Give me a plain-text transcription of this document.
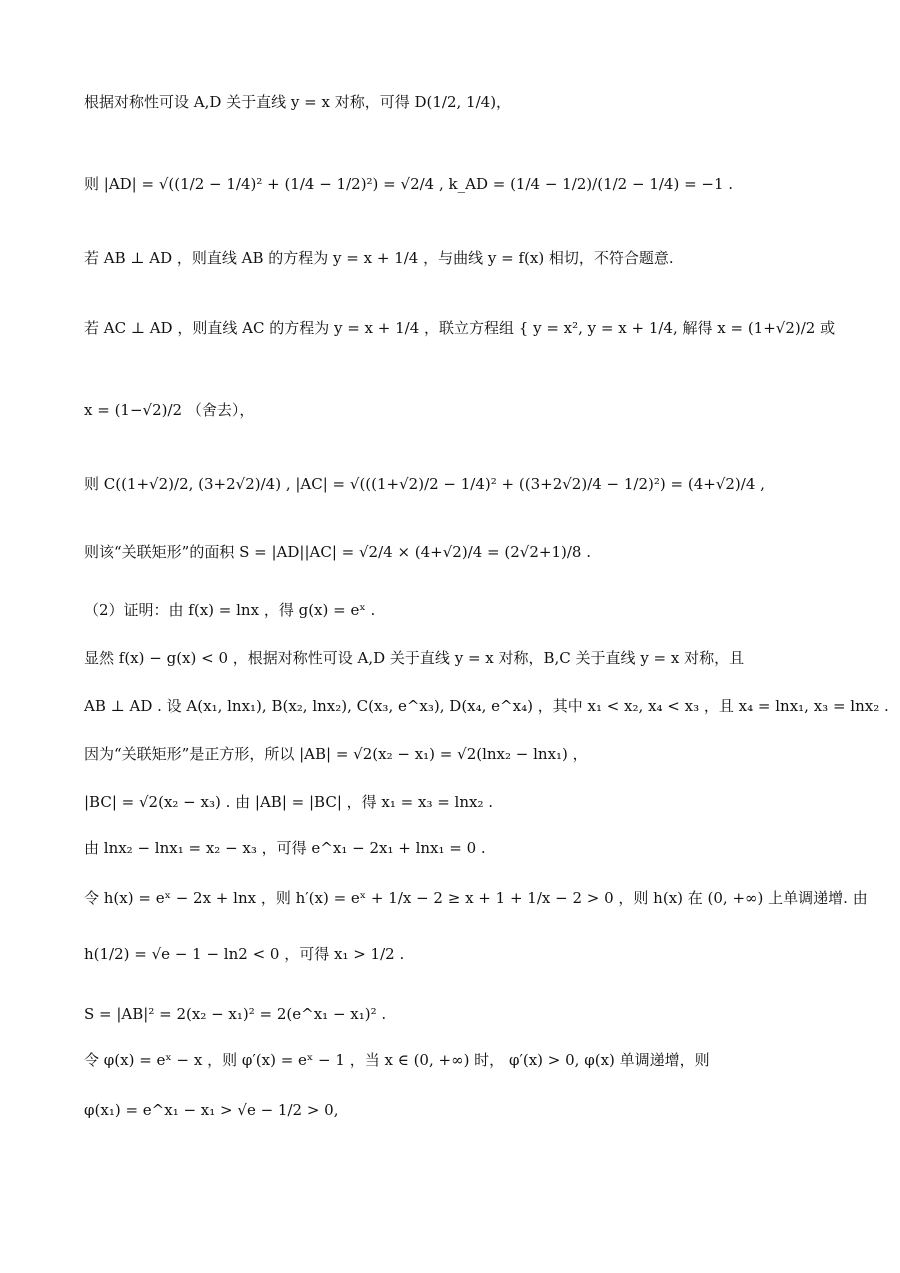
根据对称性可设 A,D 关于直线 y = x 对称，可得 D(1/2, 1/4)，
则 |AD| = √((1/2 − 1/4)² + (1/4 − 1/2)²) = √2/4 , k_AD = (1/4 − 1/2)/(1/2 − 1/4) = −1 .
若 AB ⊥ AD ，则直线 AB 的方程为 y = x + 1/4 ，与曲线 y = f(x) 相切，不符合题意.
若 AC ⊥ AD ，则直线 AC 的方程为 y = x + 1/4 ，联立方程组 { y = x², y = x + 1/4, 解得 x = (1+√2)/2 或
x = (1−√2)/2 （舍去），
则 C((1+√2)/2, (3+2√2)/4) , |AC| = √(((1+√2)/2 − 1/4)² + ((3+2√2)/4 − 1/2)²) = (4+√2)/4 ,
则该“关联矩形”的面积 S = |AD||AC| = √2/4 × (4+√2)/4 = (2√2+1)/8 .
（2）证明：由 f(x) = lnx ，得 g(x) = eˣ .
显然 f(x) − g(x) < 0 ，根据对称性可设 A,D 关于直线 y = x 对称，B,C 关于直线 y = x 对称，且
AB ⊥ AD . 设 A(x₁, lnx₁), B(x₂, lnx₂), C(x₃, e^x₃), D(x₄, e^x₄) ，其中 x₁ < x₂, x₄ < x₃ ，且 x₄ = lnx₁, x₃ = lnx₂ .
因为“关联矩形”是正方形，所以 |AB| = √2(x₂ − x₁) = √2(lnx₂ − lnx₁) ，
|BC| = √2(x₂ − x₃) . 由 |AB| = |BC| ，得 x₁ = x₃ = lnx₂ .
由 lnx₂ − lnx₁ = x₂ − x₃ ，可得 e^x₁ − 2x₁ + lnx₁ = 0 .
令 h(x) = eˣ − 2x + lnx ，则 h′(x) = eˣ + 1/x − 2 ≥ x + 1 + 1/x − 2 > 0 ，则 h(x) 在 (0, +∞) 上单调递增. 由
h(1/2) = √e − 1 − ln2 < 0 ，可得 x₁ > 1/2 .
S = |AB|² = 2(x₂ − x₁)² = 2(e^x₁ − x₁)² .
令 φ(x) = eˣ − x ，则 φ′(x) = eˣ − 1 ，当 x ∈ (0, +∞) 时， φ′(x) > 0, φ(x) 单调递增，则
φ(x₁) = e^x₁ − x₁ > √e − 1/2 > 0,
